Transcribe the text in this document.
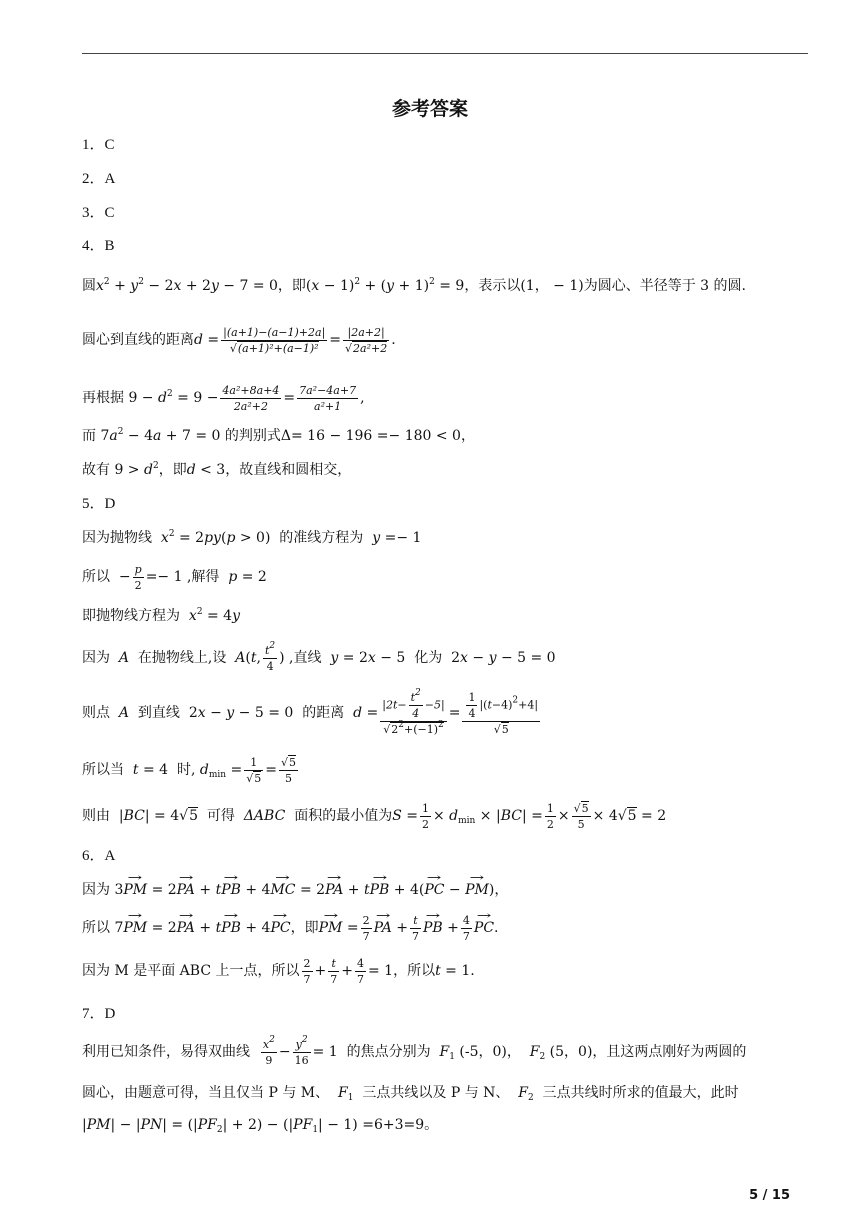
参考答案
1．C
2．A
3．C
4．B
圆$x^2 + y^2 - 2x + 2y - 7 = 0$，即$(x - 1)^2 + (y + 1)^2 = 9$，表示以(1， − 1)为圆心、半径等于 3 的圆.
圆心到直线的距离$d = \frac{|(a+1)-(a-1)+2a|}{\text{√(a+1)²+(a−1)²}} = \frac{|2a+2|}{\text{√2a²+2}}$ .
再根据 $9 - d^2 = 9 - \frac{\text{4a²+8a+4}}{\text{2a²+2}} = \frac{\text{7a²−4a+7}}{\text{a²+1}}$ ,
而 $7a^2 - 4a + 7 = 0$ 的判别式Δ= 16 − 196 =− 180 < 0，
故有 $9 > d^2$，即d < 3，故直线和圆相交，
5．D
因为抛物线  $x^2 = 2py(p > 0)$  的准线方程为  y =− 1
所以  − $\frac{p}{2} =- 1$ ,解得  p = 2
即抛物线方程为  $x^2 = 4y$
因为  A  在抛物线上,设  A(t, $\frac{t^2}{4}$ ) ,直线  y = 2x − 5  化为  2x − y − 5 = 0
则点  A  到直线  2x − y − 5 = 0  的距离  $d = \frac{|2t- \frac{t^2}{4} -5|}{√2^2+(-1)^2} = \frac{\frac{1}{4} |(t-4)^2+4|}{√5}$
所以当  t = 4  时, $d_{min} = \frac{1}{√5} = \frac{√5}{5}$
则由  |BC| = 4√5  可得  ΔABC  面积的最小值为$S = \frac{1}{2} \times d_{min} \times |BC| = \frac{1}{2} \times \frac{√5}{5} \times 4√5 = 2$
6．A
因为 3PM → = 2PA → + tPB → + 4MC → = 2PA → + tPB → + 4(PC → − PM →)，
所以 7PM → = 2PA → + tPB → + 4PC →，即PM → = $\frac{2}{7}$ PA → + $\frac{t}{7}$ PB → + $\frac{4}{7}$ PC →.
因为 M 是平面 ABC 上一点，所以 $\frac{2}{7} + \frac{t}{7} + \frac{4}{7} = 1$，所以t = 1.
7．D
利用已知条件，易得双曲线 $\frac{x^2}{9} - \frac{y^2}{16} = 1$  的焦点分别为  $F_1$ (-5，0)，  $F_2$ (5，0)，且这两点刚好为两圆的
圆心，由题意可得，当且仅当 P 与 M、  $F_1$  三点共线以及 P 与 N、  $F_2$  三点共线时所求的值最大，此时
$|PM| - |PN| = (|PF_2| + 2) - (|PF_1| - 1) =6+3=9$。
5 / 15
